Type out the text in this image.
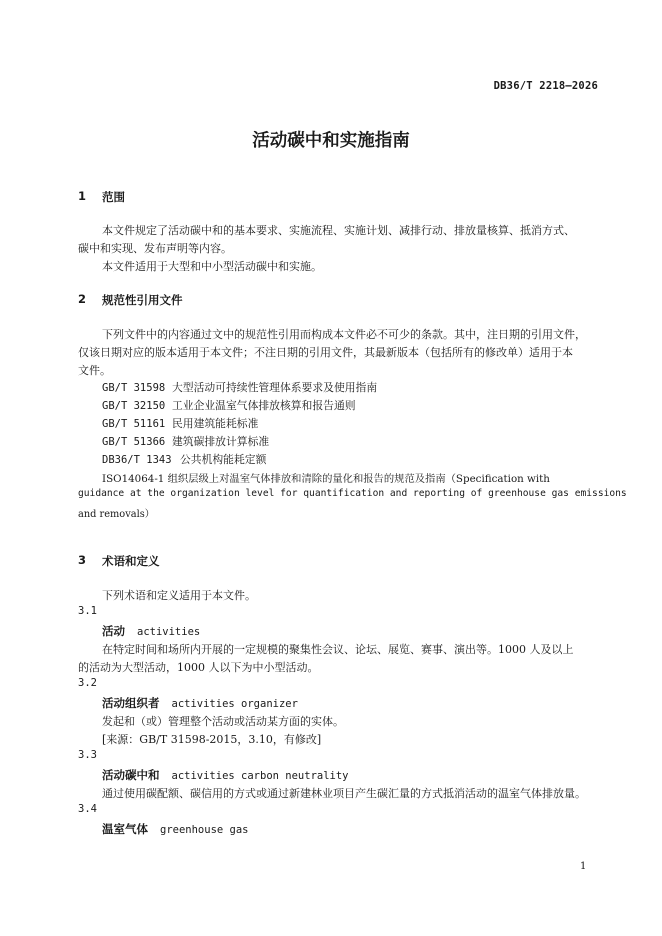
DB36/T 2218—2026
活动碳中和实施指南
1 范围
本文件规定了活动碳中和的基本要求、实施流程、实施计划、减排行动、排放量核算、抵消方式、
碳中和实现、发布声明等内容。
本文件适用于大型和中小型活动碳中和实施。
2 规范性引用文件
下列文件中的内容通过文中的规范性引用而构成本文件必不可少的条款。其中，注日期的引用文件，
仅该日期对应的版本适用于本文件；不注日期的引用文件，其最新版本（包括所有的修改单）适用于本
文件。
GB/T 31598 大型活动可持续性管理体系要求及使用指南
GB/T 32150 工业企业温室气体排放核算和报告通则
GB/T 51161 民用建筑能耗标准
GB/T 51366 建筑碳排放计算标准
DB36/T 1343 公共机构能耗定额
ISO14064-1 组织层级上对温室气体排放和清除的量化和报告的规范及指南（Specification with
guidance at the organization level for quantification and reporting of greenhouse gas emissions
and removals）
3 术语和定义
下列术语和定义适用于本文件。
3.1
活动 activities
在特定时间和场所内开展的一定规模的聚集性会议、论坛、展览、赛事、演出等。1000 人及以上
的活动为大型活动，1000 人以下为中小型活动。
3.2
活动组织者 activities organizer
发起和（或）管理整个活动或活动某方面的实体。
[来源：GB/T 31598-2015，3.10，有修改]
3.3
活动碳中和 activities carbon neutrality
通过使用碳配额、碳信用的方式或通过新建林业项目产生碳汇量的方式抵消活动的温室气体排放量。
3.4
温室气体 greenhouse gas
1
